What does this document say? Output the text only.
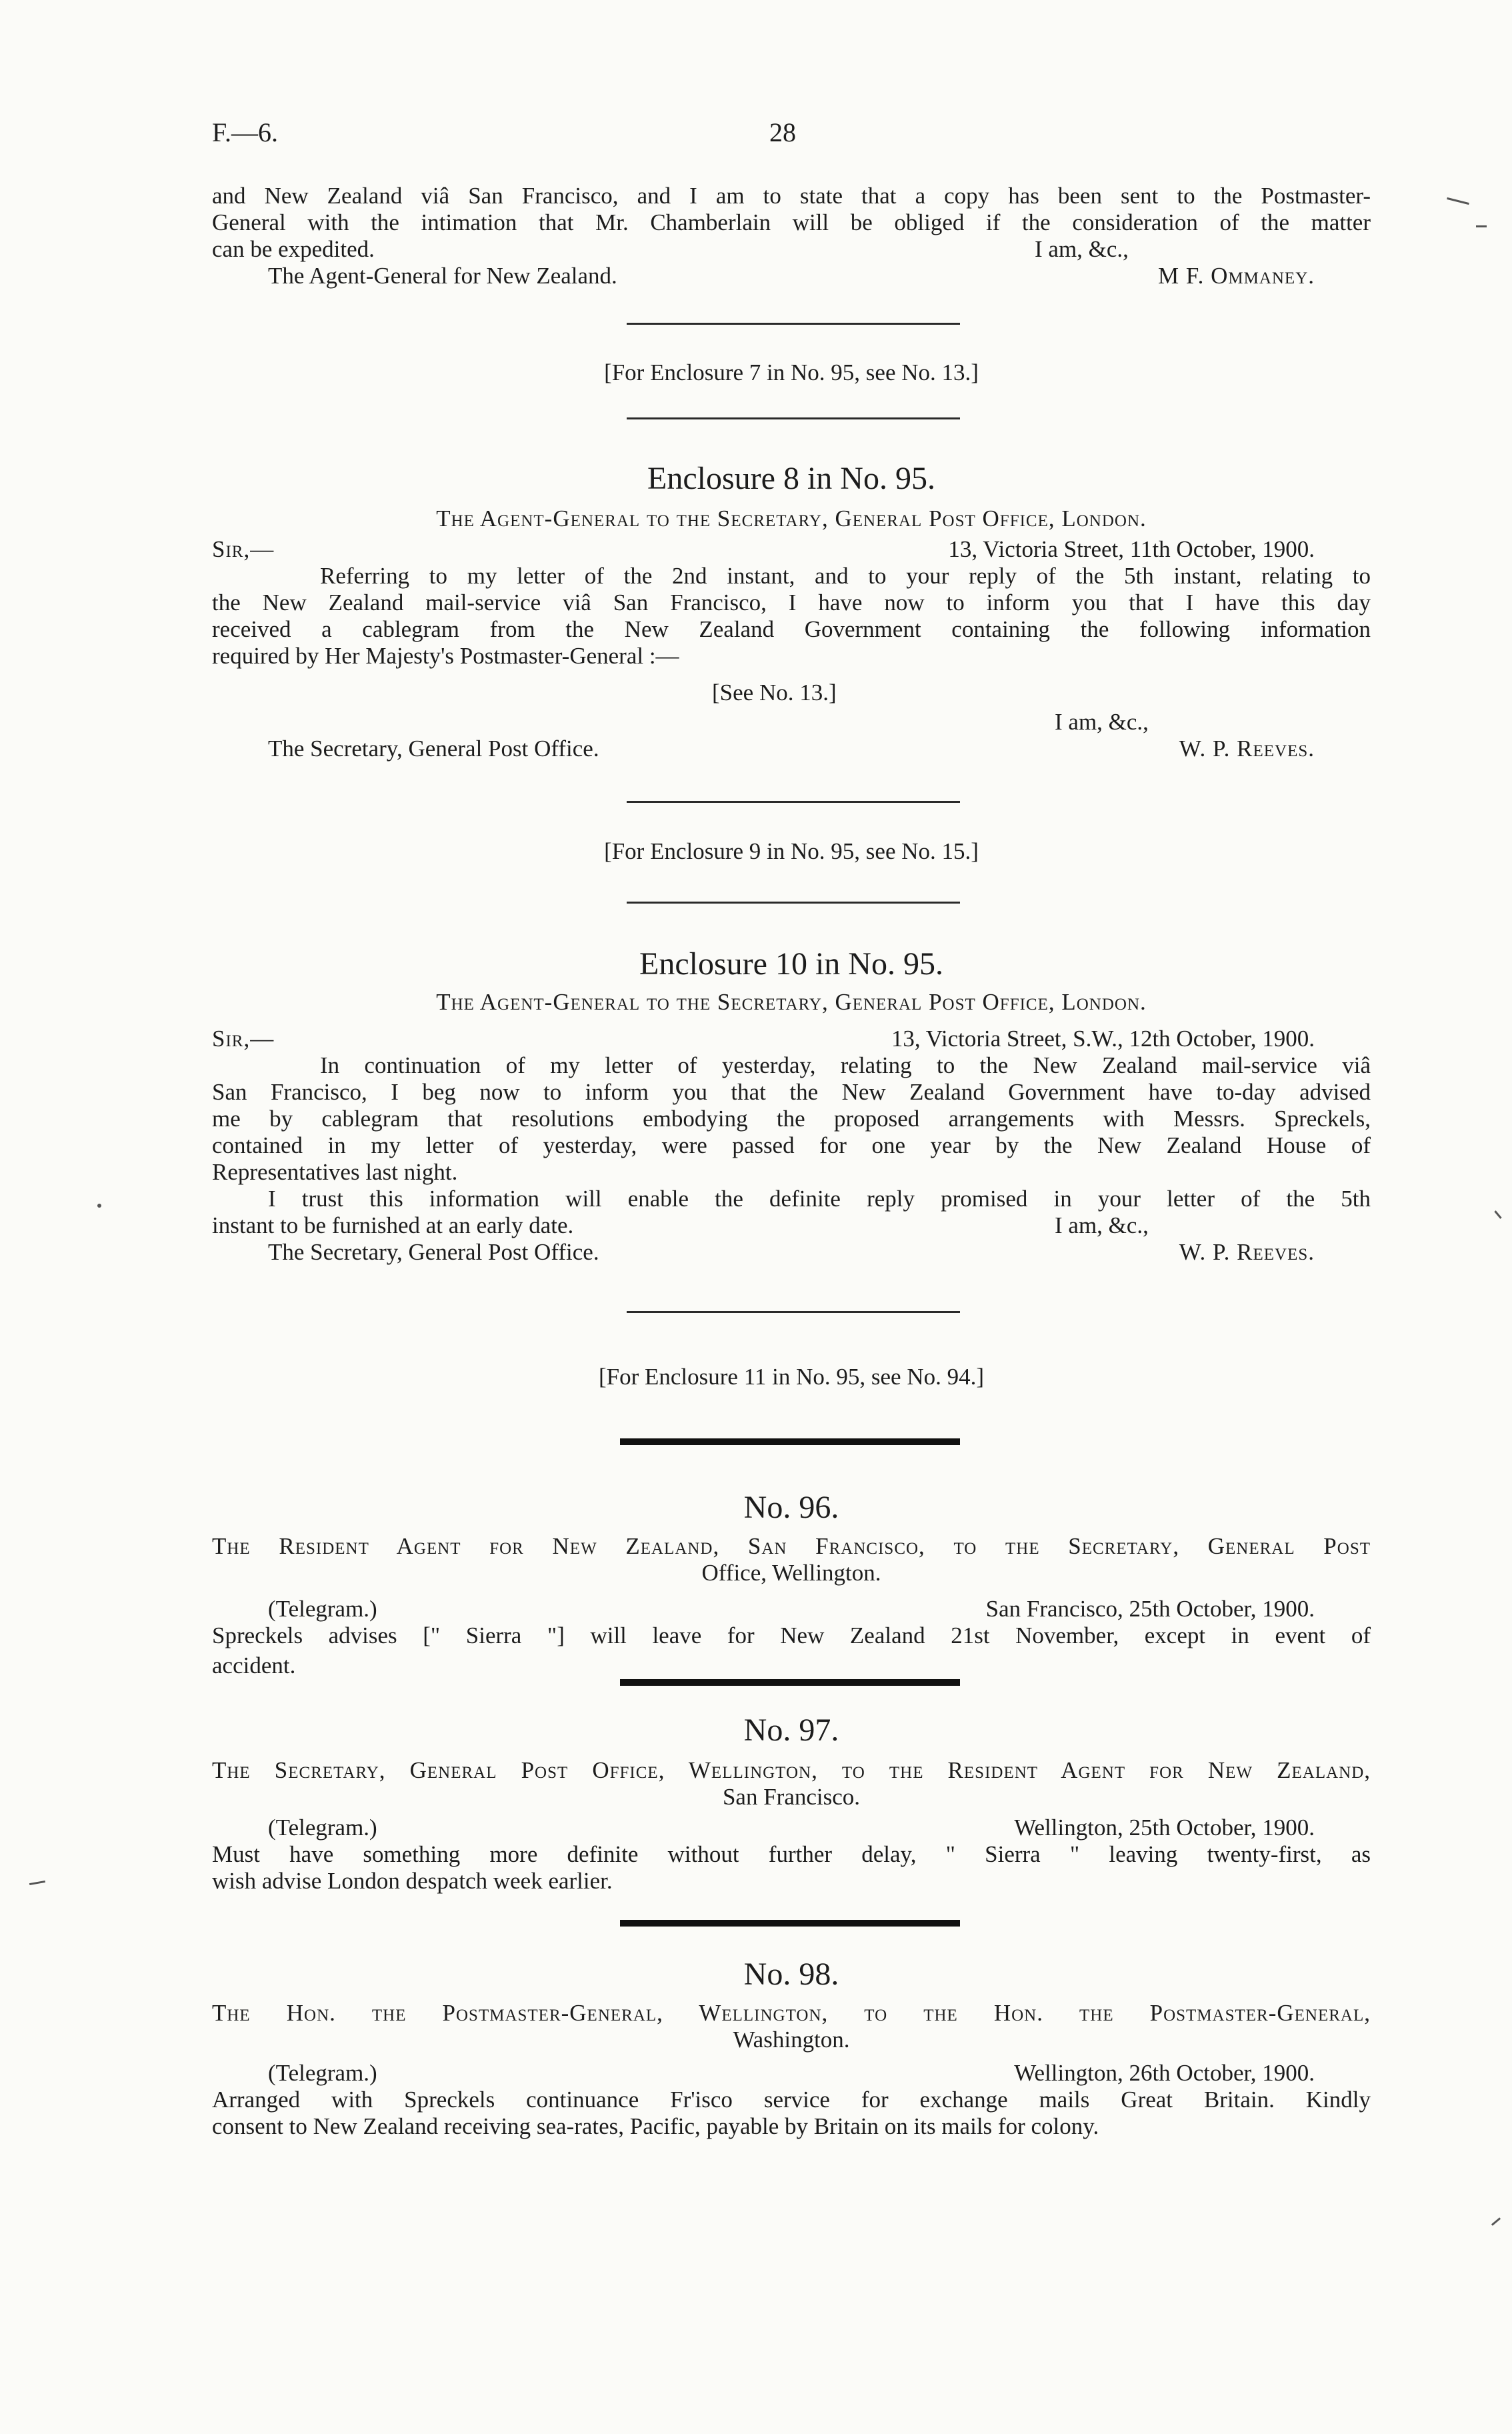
F.—6.	28
and New Zealand viâ San Francisco, and I am to state that a copy has been sent to the Postmaster-
General with the intimation that Mr. Chamberlain will be obliged if the consideration of the matter
can be expedited.	I am, &c.,
The Agent-General for New Zealand.	M F. Ommaney.
[For Enclosure 7 in No. 95, see No. 13.]
Enclosure 8 in No. 95.
The Agent-General to the Secretary, General Post Office, London.
Sir,—	13, Victoria Street, 11th October, 1900.
Referring to my letter of the 2nd instant, and to your reply of the 5th instant, relating to
the New Zealand mail-service viâ San Francisco, I have now to inform you that I have this day
received a cablegram from the New Zealand Government containing the following information
required by Her Majesty's Postmaster-General :—
[See No. 13.]
I am, &c.,
The Secretary, General Post Office.	W. P. Reeves.
[For Enclosure 9 in No. 95, see No. 15.]
Enclosure 10 in No. 95.
The Agent-General to the Secretary, General Post Office, London.
Sir,—	13, Victoria Street, S.W., 12th October, 1900.
In continuation of my letter of yesterday, relating to the New Zealand mail-service viâ
San Francisco, I beg now to inform you that the New Zealand Government have to-day advised
me by cablegram that resolutions embodying the proposed arrangements with Messrs. Spreckels,
contained in my letter of yesterday, were passed for one year by the New Zealand House of
Representatives last night.
I trust this information will enable the definite reply promised in your letter of the 5th
instant to be furnished at an early date.	I am, &c.,
The Secretary, General Post Office.	W. P. Reeves.
[For Enclosure 11 in No. 95, see No. 94.]
No. 96.
The Resident Agent for New Zealand, San Francisco, to the Secretary, General Post
Office, Wellington.
(Telegram.)	San Francisco, 25th October, 1900.
Spreckels advises [" Sierra "] will leave for New Zealand 21st November, except in event of
accident.
No. 97.
The Secretary, General Post Office, Wellington, to the Resident Agent for New Zealand,
San Francisco.
(Telegram.)	Wellington, 25th October, 1900.
Must have something more definite without further delay, " Sierra " leaving twenty-first, as
wish advise London despatch week earlier.
No. 98.
The Hon. the Postmaster-General, Wellington, to the Hon. the Postmaster-General,
Washington.
(Telegram.)	Wellington, 26th October, 1900.
Arranged with Spreckels continuance Fr'isco service for exchange mails Great Britain. Kindly
consent to New Zealand receiving sea-rates, Pacific, payable by Britain on its mails for colony.
